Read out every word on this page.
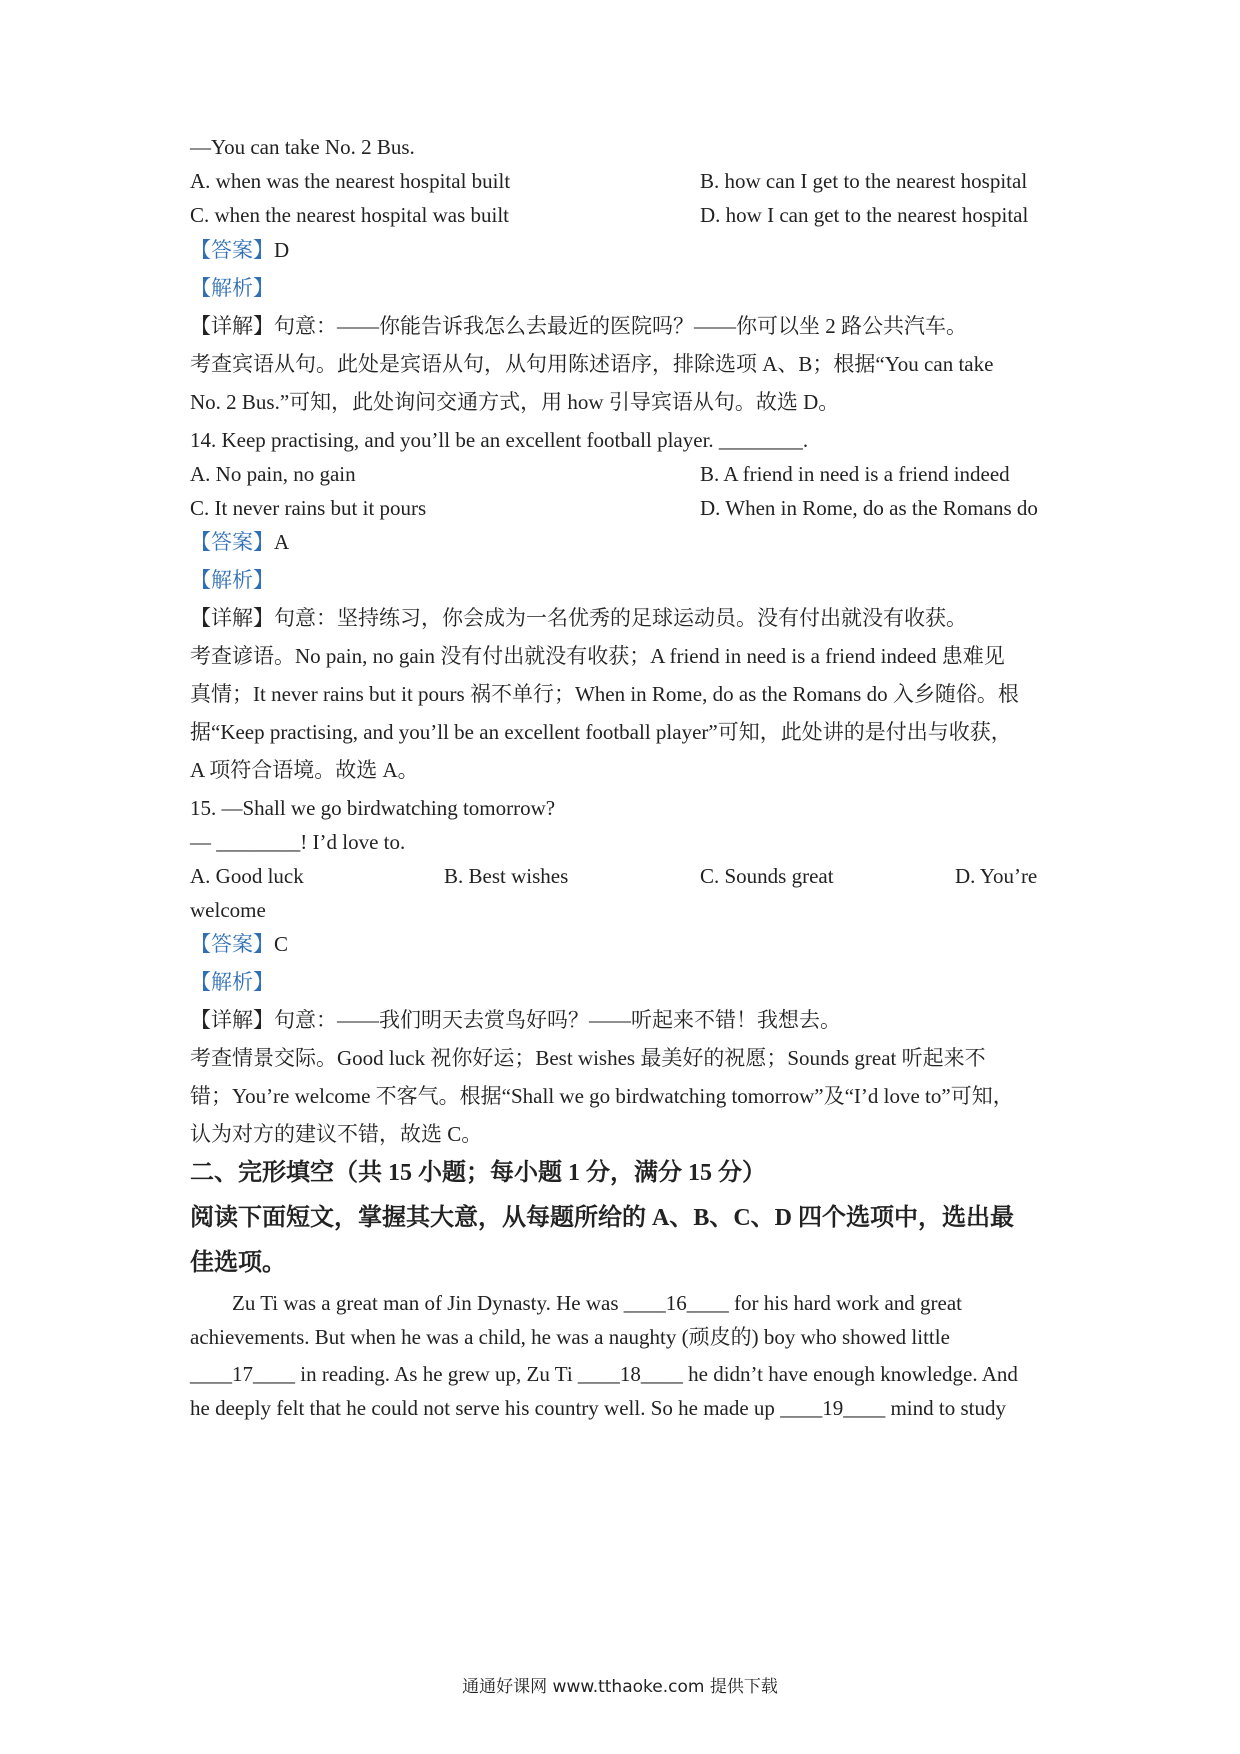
—You can take No. 2 Bus.
A. when was the nearest hospital built	B. how can I get to the nearest hospital
C. when the nearest hospital was built	D. how I can get to the nearest hospital
【答案】D
【解析】
【详解】句意：——你能告诉我怎么去最近的医院吗？——你可以坐 2 路公共汽车。
考查宾语从句。此处是宾语从句，从句用陈述语序，排除选项 A、B；根据“You can take
No. 2 Bus.”可知，此处询问交通方式，用 how 引导宾语从句。故选 D。
14. Keep practising, and you’ll be an excellent football player. ________.
A. No pain, no gain	B. A friend in need is a friend indeed
C. It never rains but it pours	D. When in Rome, do as the Romans do
【答案】A
【解析】
【详解】句意：坚持练习，你会成为一名优秀的足球运动员。没有付出就没有收获。
考查谚语。No pain, no gain 没有付出就没有收获；A friend in need is a friend indeed 患难见
真情；It never rains but it pours 祸不单行；When in Rome, do as the Romans do 入乡随俗。根
据“Keep practising, and you’ll be an excellent football player”可知，此处讲的是付出与收获，
A 项符合语境。故选 A。
15. —Shall we go birdwatching tomorrow?
— ________! I’d love to.
A. Good luck	B. Best wishes	C. Sounds great	D. You’re
welcome
【答案】C
【解析】
【详解】句意：——我们明天去赏鸟好吗？——听起来不错！我想去。
考查情景交际。Good luck 祝你好运；Best wishes 最美好的祝愿；Sounds great 听起来不
错；You’re welcome 不客气。根据“Shall we go birdwatching tomorrow”及“I’d love to”可知，
认为对方的建议不错，故选 C。
二、完形填空（共 15 小题；每小题 1 分，满分 15 分）
阅读下面短文，掌握其大意，从每题所给的 A、B、C、D 四个选项中，选出最
佳选项。
Zu Ti was a great man of Jin Dynasty. He was ____16____ for his hard work and great
achievements. But when he was a child, he was a naughty (顽皮的) boy who showed little
____17____ in reading. As he grew up, Zu Ti ____18____ he didn’t have enough knowledge. And
he deeply felt that he could not serve his country well. So he made up ____19____ mind to study
通通好课网 www.tthaoke.com 提供下载
